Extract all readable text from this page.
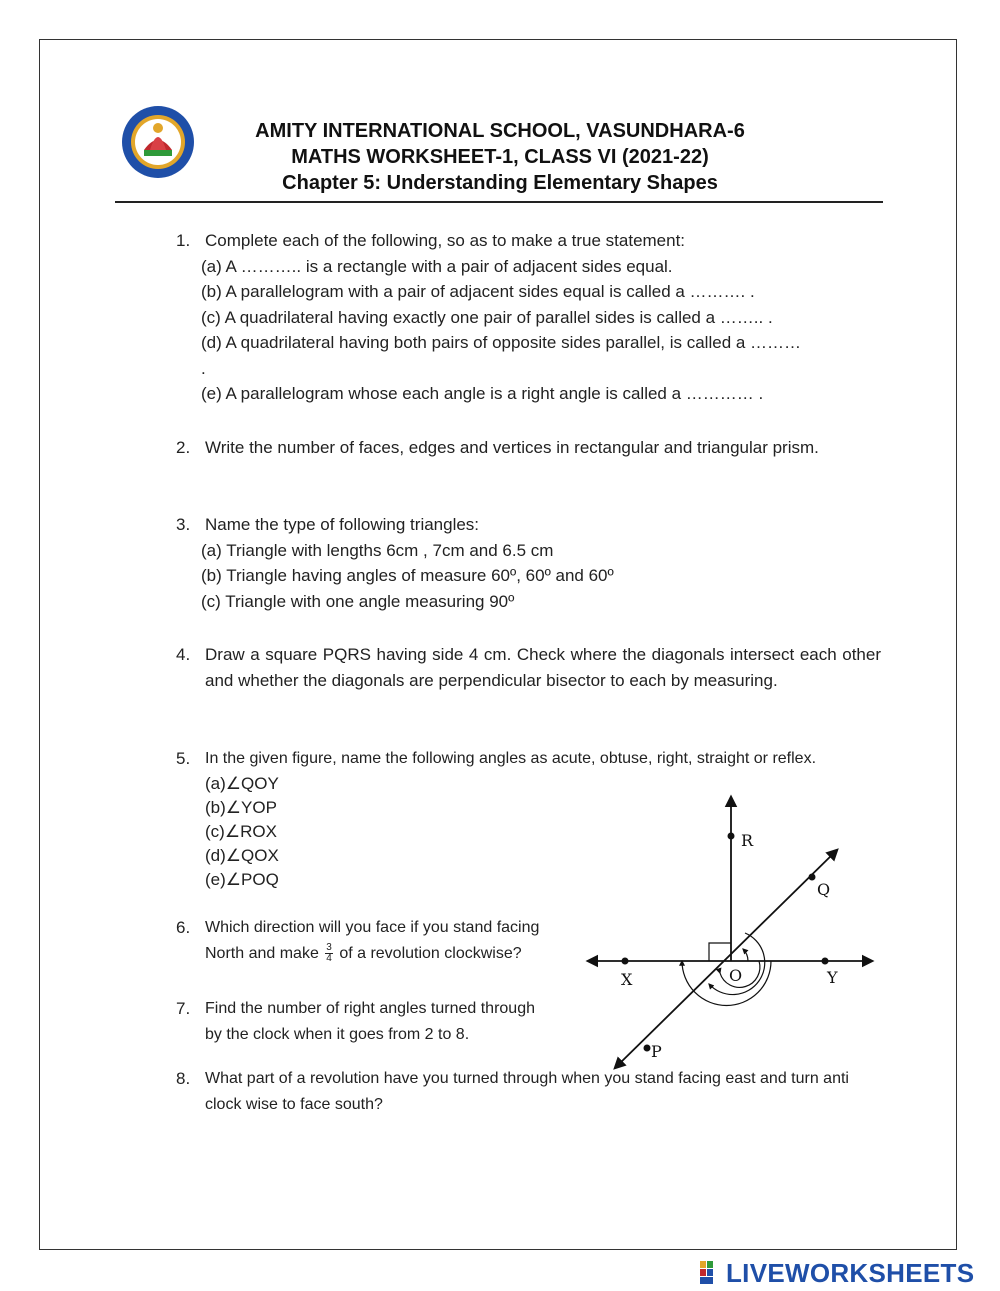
AMITY INTERNATIONAL SCHOOL, VASUNDHARA-6
MATHS WORKSHEET-1, CLASS VI (2021-22)
Chapter 5: Understanding Elementary Shapes
1. Complete each of the following, so as to make a true statement:
(a) A ……….. is a rectangle with a pair of adjacent sides equal.
(b) A parallelogram with a pair of adjacent sides equal is called a ………. .
(c) A quadrilateral having exactly one pair of parallel sides is called a …….. .
(d) A quadrilateral having both pairs of opposite sides parallel, is called a ………
.
(e) A parallelogram whose each angle is a right angle is called a ………… .
2. Write the number of faces, edges and vertices in rectangular and triangular prism.
3. Name the type of following triangles:
(a) Triangle with lengths 6cm , 7cm and 6.5 cm
(b) Triangle having angles of measure 60º, 60º and 60º
(c) Triangle with one angle measuring 90º
4. Draw a square PQRS having side 4 cm. Check where the diagonals intersect each other and whether the diagonals are perpendicular bisector to each by measuring.
5. In the given figure, name the following angles as acute, obtuse, right, straight or reflex.
(a)∠QOY
(b)∠YOP
(c)∠ROX
(d)∠QOX
(e)∠POQ
6. Which direction will you face if you stand facing
North and make $\frac{3}{4}$ of a revolution clockwise?
7. Find the number of right angles turned through
by the clock when it goes from 2 to 8.
8. What part of a revolution have you turned through when you stand facing east and turn anti clock wise to face south?
R
Q
X	O	Y
P
LIVEWORKSHEETS
